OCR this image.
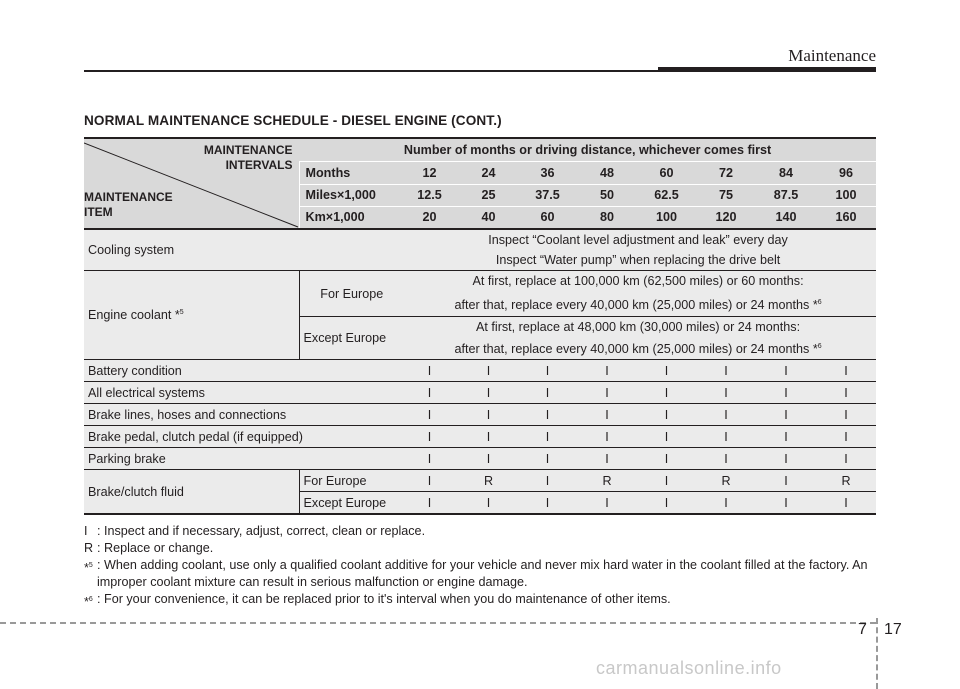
Maintenance
NORMAL MAINTENANCE SCHEDULE - DIESEL ENGINE (CONT.)
MAINTENANCE
INTERVALS
MAINTENANCE
ITEM	Number of months or driving distance, whichever comes first								
	Months	12	24	36	48	60	72	84	96
	Miles×1,000	12.5	25	37.5	50	62.5	75	87.5	100
	Km×1,000	20	40	60	80	100	120	140	160
Cooling system		Inspect “Coolant level adjustment and leak” every day
Inspect “Water pump” when replacing the drive belt							

Engine coolant *$^5$	For Europe	At first, replace at 100,000 km (62,500 miles) or 60 months:
after that, replace every 40,000 km (25,000 miles) or 24 months *$^6$

	Except Europe	At first, replace at 48,000 km (30,000 miles) or 24 months:
after that, replace every 40,000 km (25,000 miles) or 24 months *$^6$

Battery condition		I	I	I	I	I	I	I	I
All electrical systems		I	I	I	I	I	I	I	I
Brake lines, hoses and connections		I	I	I	I	I	I	I	I
Brake pedal, clutch pedal (if equipped)		I	I	I	I	I	I	I	I
Parking brake		I	I	I	I	I	I	I	I
Brake/clutch fluid	For Europe	I	R	I	R	I	R	I	R
	Except Europe	I	I	I	I	I	I	I	I
I : Inspect and if necessary, adjust, correct, clean or replace.
R : Replace or change.
*$^5$ : When adding coolant, use only a qualified coolant additive for your vehicle and never mix hard water in the coolant filled at the factory. An improper coolant mixture can result in serious malfunction or engine damage.
*$^6$ : For your convenience, it can be replaced prior to it's interval when you do maintenance of other items.
7 17
carmanualsonline.info
